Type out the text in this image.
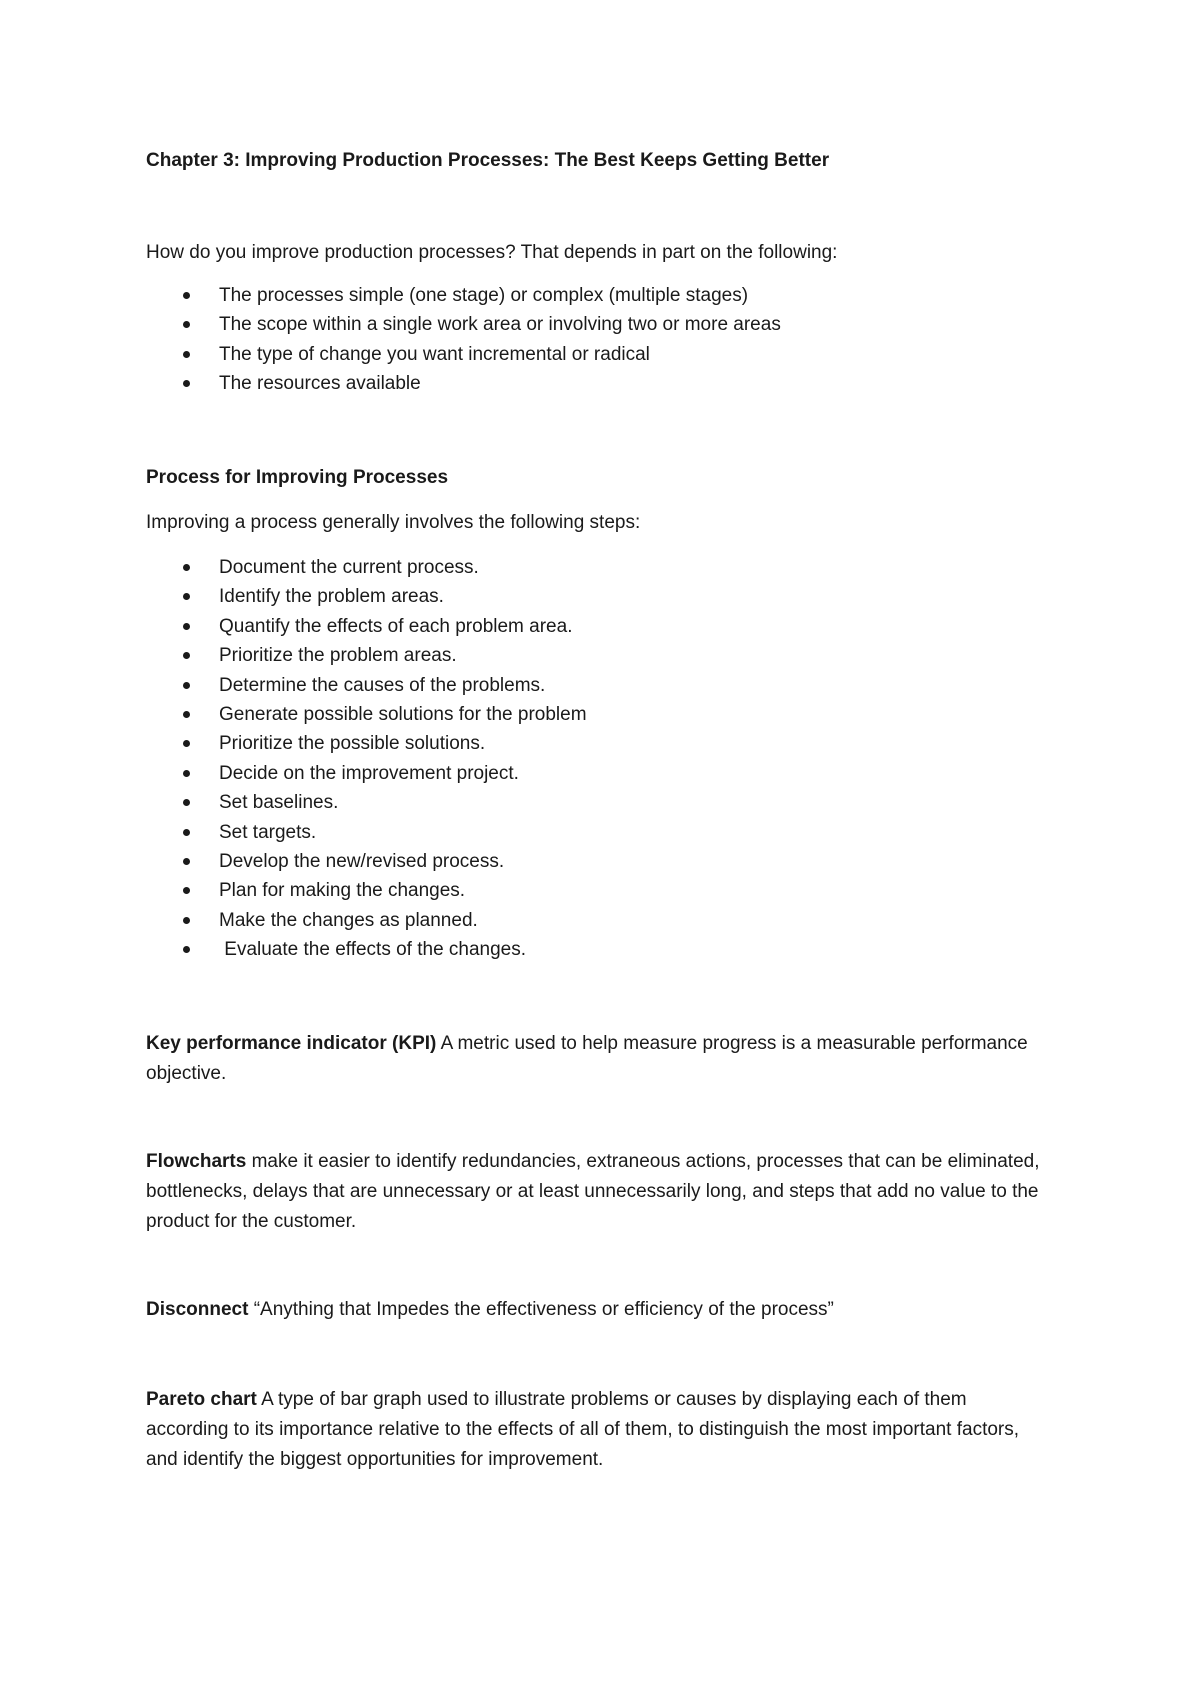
Chapter 3: Improving Production Processes: The Best Keeps Getting Better
How do you improve production processes? That depends in part on the following:
The processes simple (one stage) or complex (multiple stages)
The scope within a single work area or involving two or more areas
The type of change you want incremental or radical
The resources available
Process for Improving Processes
Improving a process generally involves the following steps:
Document the current process.
Identify the problem areas.
Quantify the effects of each problem area.
Prioritize the problem areas.
Determine the causes of the problems.
Generate possible solutions for the problem
Prioritize the possible solutions.
Decide on the improvement project.
Set baselines.
Set targets.
Develop the new/revised process.
Plan for making the changes.
Make the changes as planned.
Evaluate the effects of the changes.
Key performance indicator (KPI) A metric used to help measure progress is a measurable performance objective.
Flowcharts make it easier to identify redundancies, extraneous actions, processes that can be eliminated, bottlenecks, delays that are unnecessary or at least unnecessarily long, and steps that add no value to the product for the customer.
Disconnect “Anything that Impedes the effectiveness or efficiency of the process”
Pareto chart A type of bar graph used to illustrate problems or causes by displaying each of them according to its importance relative to the effects of all of them, to distinguish the most important factors, and identify the biggest opportunities for improvement.
